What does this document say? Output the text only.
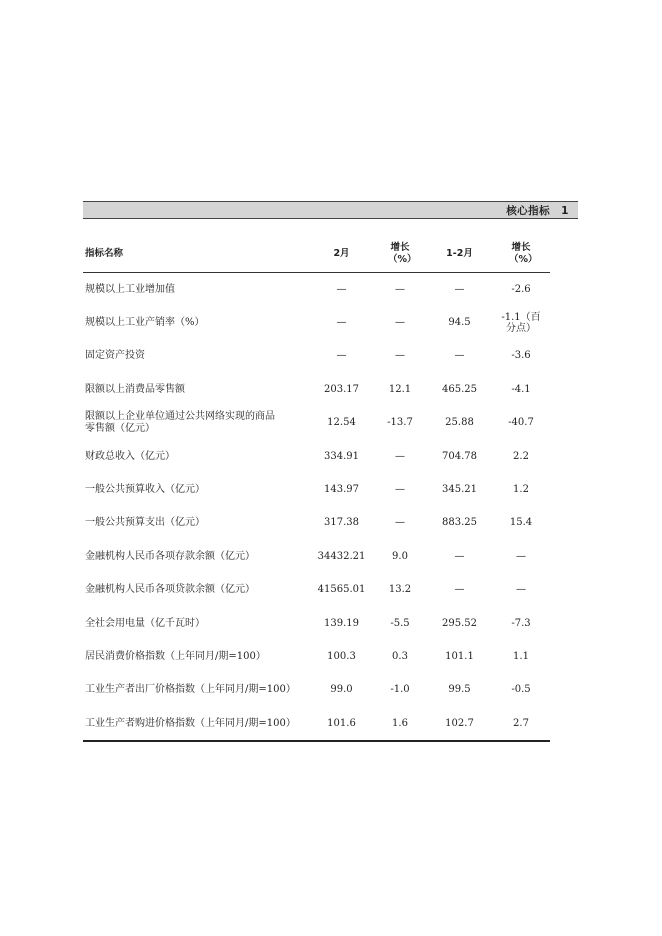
核心指标　1
指标名称	2月	增长（%）	1-2月	增长（%）
规模以上工业增加值	—	—	—	-2.6
规模以上工业产销率（%）	—	—	94.5	-1.1（百分点）
固定资产投资	—	—	—	-3.6
限额以上消费品零售额	203.17	12.1	465.25	-4.1
限额以上企业单位通过公共网络实现的商品零售额（亿元）	12.54	-13.7	25.88	-40.7
财政总收入（亿元）	334.91	—	704.78	2.2
一般公共预算收入（亿元）	143.97	—	345.21	1.2
一般公共预算支出（亿元）	317.38	—	883.25	15.4
金融机构人民币各项存款余额（亿元）	34432.21	9.0	—	—
金融机构人民币各项贷款余额（亿元）	41565.01	13.2	—	—
全社会用电量（亿千瓦时）	139.19	-5.5	295.52	-7.3
居民消费价格指数（上年同月/期=100）	100.3	0.3	101.1	1.1
工业生产者出厂价格指数（上年同月/期=100）	99.0	-1.0	99.5	-0.5
工业生产者购进价格指数（上年同月/期=100）	101.6	1.6	102.7	2.7
